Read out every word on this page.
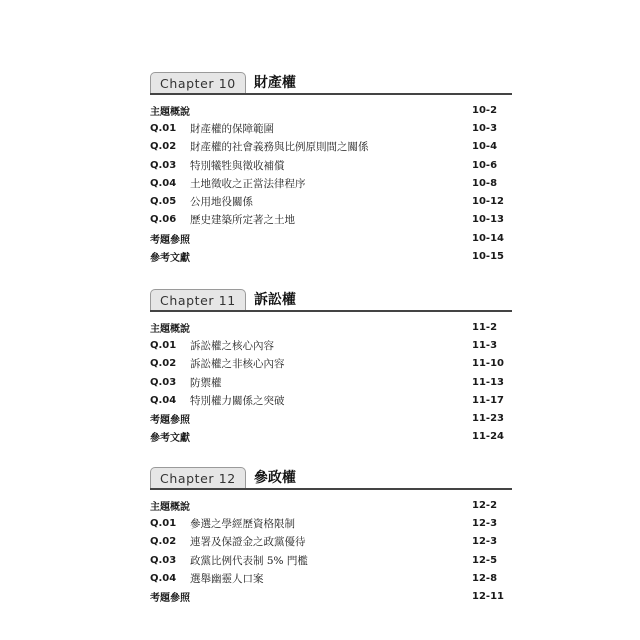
Chapter 10	財產權
主題概說	10-2
Q.01	財產權的保障範圍	10-3
Q.02	財產權的社會義務與比例原則間之關係	10-4
Q.03	特別犧牲與徵收補償	10-6
Q.04	土地徵收之正當法律程序	10-8
Q.05	公用地役關係	10-12
Q.06	歷史建築所定著之土地	10-13
考題參照	10-14
參考文獻	10-15
Chapter 11	訴訟權
主題概說	11-2
Q.01	訴訟權之核心內容	11-3
Q.02	訴訟權之非核心內容	11-10
Q.03	防禦權	11-13
Q.04	特別權力關係之突破	11-17
考題參照	11-23
參考文獻	11-24
Chapter 12	參政權
主題概說	12-2
Q.01	參選之學經歷資格限制	12-3
Q.02	連署及保證金之政黨優待	12-3
Q.03	政黨比例代表制 5% 門檻	12-5
Q.04	選舉幽靈人口案	12-8
考題參照	12-11
